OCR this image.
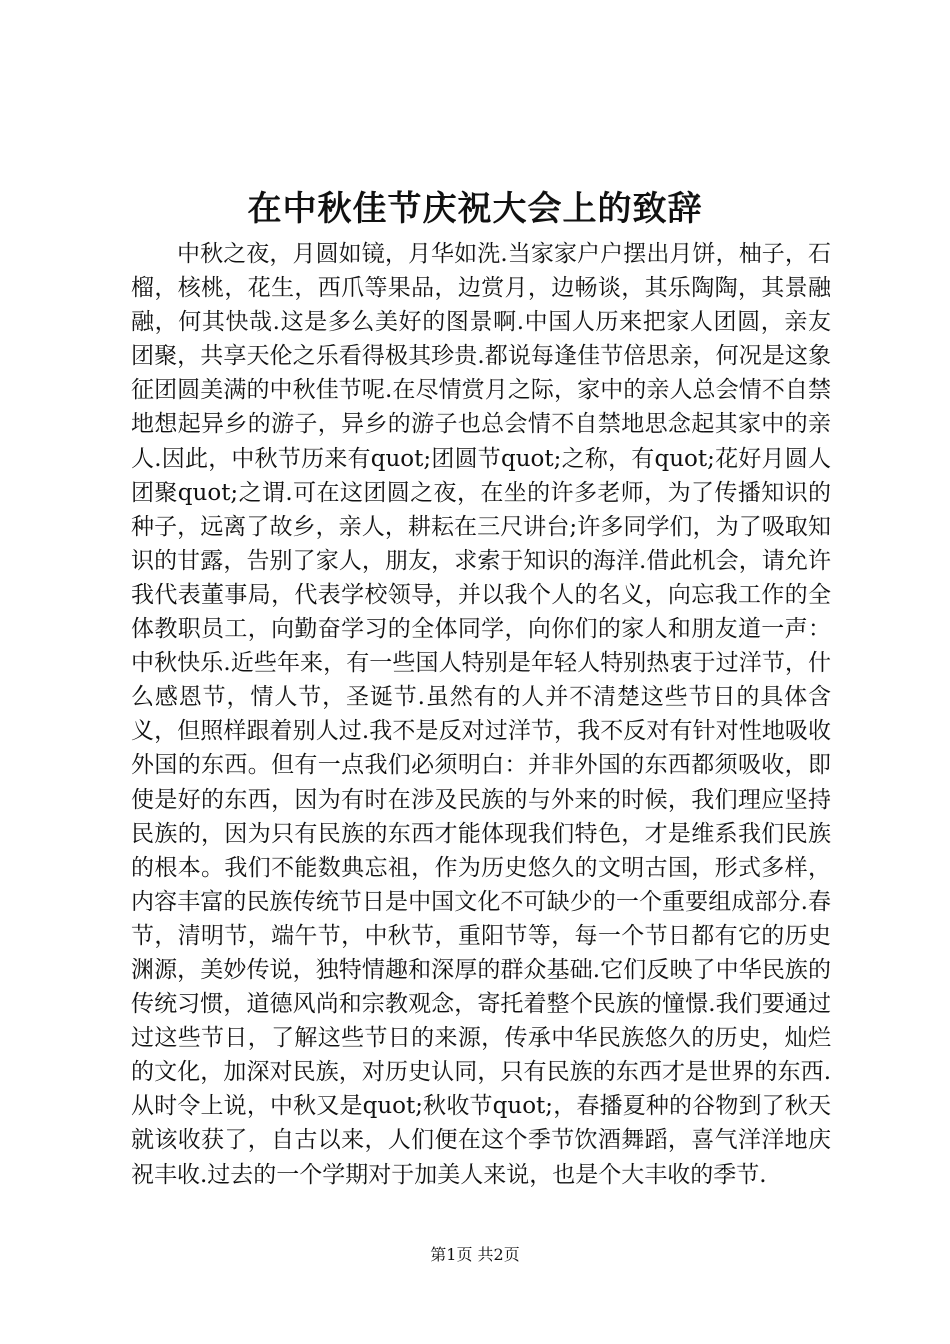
在中秋佳节庆祝大会上的致辞

中秋之夜，月圆如镜，月华如洗.当家家户户摆出月饼，柚子，石榴，核桃，花生，西爪等果品，边赏月，边畅谈，其乐陶陶，其景融融，何其快哉.这是多么美好的图景啊.中国人历来把家人团圆，亲友团聚，共享天伦之乐看得极其珍贵.都说每逢佳节倍思亲，何况是这象征团圆美满的中秋佳节呢.在尽情赏月之际，家中的亲人总会情不自禁地想起异乡的游子，异乡的游子也总会情不自禁地思念起其家中的亲人.因此，中秋节历来有quot;团圆节quot;之称，有quot;花好月圆人团聚quot;之谓.可在这团圆之夜，在坐的许多老师，为了传播知识的种子，远离了故乡，亲人，耕耘在三尺讲台;许多同学们，为了吸取知识的甘露，告别了家人，朋友，求索于知识的海洋.借此机会，请允许我代表董事局，代表学校领导，并以我个人的名义，向忘我工作的全体教职员工，向勤奋学习的全体同学，向你们的家人和朋友道一声：中秋快乐.近些年来，有一些国人特别是年轻人特别热衷于过洋节，什么感恩节，情人节，圣诞节.虽然有的人并不清楚这些节日的具体含义，但照样跟着别人过.我不是反对过洋节，我不反对有针对性地吸收外国的东西。但有一点我们必须明白：并非外国的东西都须吸收，即使是好的东西，因为有时在涉及民族的与外来的时候，我们理应坚持民族的，因为只有民族的东西才能体现我们特色，才是维系我们民族的根本。我们不能数典忘祖，作为历史悠久的文明古国，形式多样，内容丰富的民族传统节日是中国文化不可缺少的一个重要组成部分.春节，清明节，端午节，中秋节，重阳节等，每一个节日都有它的历史渊源，美妙传说，独特情趣和深厚的群众基础.它们反映了中华民族的传统习惯，道德风尚和宗教观念，寄托着整个民族的憧憬.我们要通过过这些节日，了解这些节日的来源，传承中华民族悠久的历史，灿烂的文化，加深对民族，对历史认同，只有民族的东西才是世界的东西.从时令上说，中秋又是quot;秋收节quot;，春播夏种的谷物到了秋天就该收获了，自古以来，人们便在这个季节饮酒舞蹈，喜气洋洋地庆祝丰收.过去的一个学期对于加美人来说，也是个大丰收的季节.

第1页 共2页
